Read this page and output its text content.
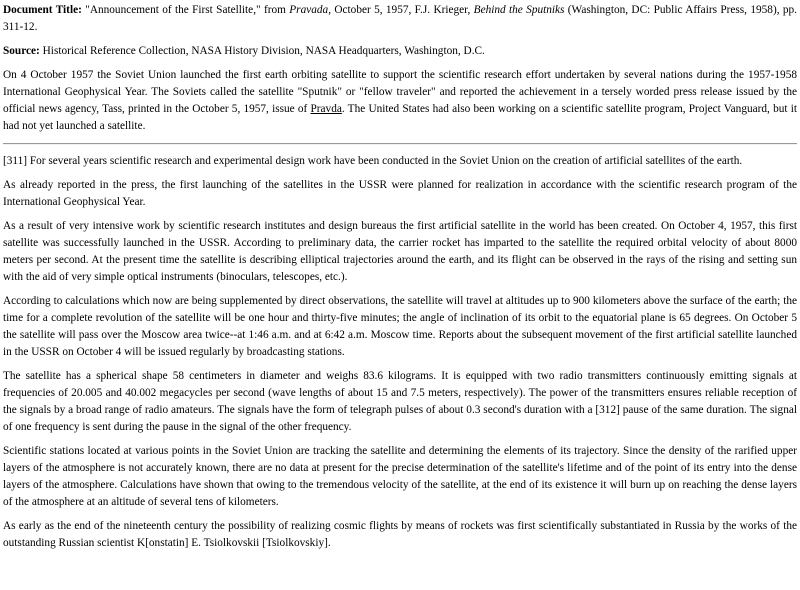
Document Title: "Announcement of the First Satellite," from Pravada, October 5, 1957, F.J. Krieger, Behind the Sputniks (Washington, DC: Public Affairs Press, 1958), pp. 311-12.

Source: Historical Reference Collection, NASA History Division, NASA Headquarters, Washington, D.C.

On 4 October 1957 the Soviet Union launched the first earth orbiting satellite to support the scientific research effort undertaken by several nations during the 1957-1958 International Geophysical Year. The Soviets called the satellite "Sputnik" or "fellow traveler" and reported the achievement in a tersely worded press release issued by the official news agency, Tass, printed in the October 5, 1957, issue of Pravda. The United States had also been working on a scientific satellite program, Project Vanguard, but it had not yet launched a satellite.

[311] For several years scientific research and experimental design work have been conducted in the Soviet Union on the creation of artificial satellites of the earth.

As already reported in the press, the first launching of the satellites in the USSR were planned for realization in accordance with the scientific research program of the International Geophysical Year.

As a result of very intensive work by scientific research institutes and design bureaus the first artificial satellite in the world has been created. On October 4, 1957, this first satellite was successfully launched in the USSR. According to preliminary data, the carrier rocket has imparted to the satellite the required orbital velocity of about 8000 meters per second. At the present time the satellite is describing elliptical trajectories around the earth, and its flight can be observed in the rays of the rising and setting sun with the aid of very simple optical instruments (binoculars, telescopes, etc.).

According to calculations which now are being supplemented by direct observations, the satellite will travel at altitudes up to 900 kilometers above the surface of the earth; the time for a complete revolution of the satellite will be one hour and thirty-five minutes; the angle of inclination of its orbit to the equatorial plane is 65 degrees. On October 5 the satellite will pass over the Moscow area twice--at 1:46 a.m. and at 6:42 a.m. Moscow time. Reports about the subsequent movement of the first artificial satellite launched in the USSR on October 4 will be issued regularly by broadcasting stations.

The satellite has a spherical shape 58 centimeters in diameter and weighs 83.6 kilograms. It is equipped with two radio transmitters continuously emitting signals at frequencies of 20.005 and 40.002 megacycles per second (wave lengths of about 15 and 7.5 meters, respectively). The power of the transmitters ensures reliable reception of the signals by a broad range of radio amateurs. The signals have the form of telegraph pulses of about 0.3 second's duration with a [312] pause of the same duration. The signal of one frequency is sent during the pause in the signal of the other frequency.

Scientific stations located at various points in the Soviet Union are tracking the satellite and determining the elements of its trajectory. Since the density of the rarified upper layers of the atmosphere is not accurately known, there are no data at present for the precise determination of the satellite's lifetime and of the point of its entry into the dense layers of the atmosphere. Calculations have shown that owing to the tremendous velocity of the satellite, at the end of its existence it will burn up on reaching the dense layers of the atmosphere at an altitude of several tens of kilometers.

As early as the end of the nineteenth century the possibility of realizing cosmic flights by means of rockets was first scientifically substantiated in Russia by the works of the outstanding Russian scientist K[onstatin] E. Tsiolkovskii [Tsiolkovskiy].
